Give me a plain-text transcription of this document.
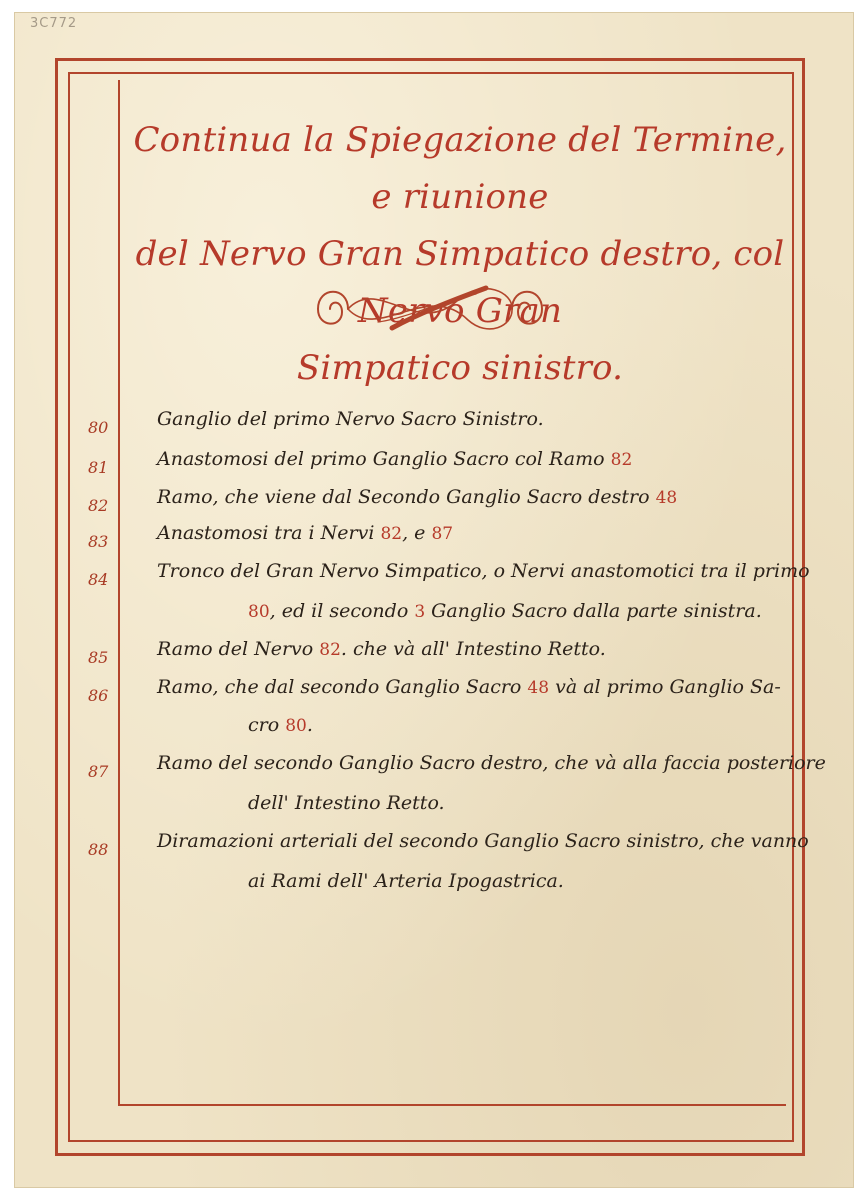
3C772
Continua la Spiegazione del Termine, e riunione
del Nervo Gran Simpatico destro, col Nervo Gran
Simpatico sinistro.
80	Ganglio del primo Nervo Sacro Sinistro.
81	Anastomosi del primo Ganglio Sacro col Ramo 82
82	Ramo, che viene dal Secondo Ganglio Sacro destro 48
83	Anastomosi tra i Nervi 82, e 87
84	Tronco del Gran Nervo Simpatico, o Nervi anastomotici tra il primo
80, ed il secondo 3 Ganglio Sacro dalla parte sinistra.
85	Ramo del Nervo 82. che và all' Intestino Retto.
86	Ramo, che dal secondo Ganglio Sacro 48 và al primo Ganglio Sa-
cro 80.
87	Ramo del secondo Ganglio Sacro destro, che và alla faccia posteriore
dell' Intestino Retto.
88	Diramazioni arteriali del secondo Ganglio Sacro sinistro, che vanno
ai Rami dell' Arteria Ipogastrica.
